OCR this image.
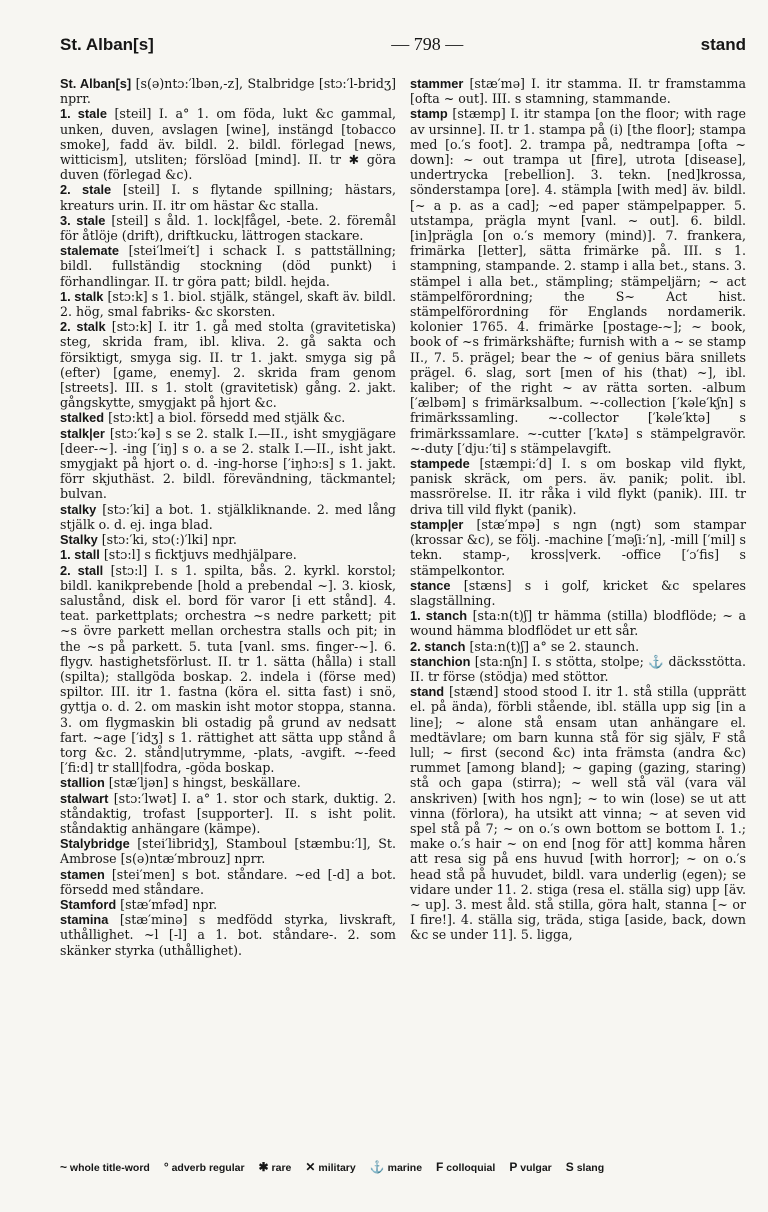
St. Alban[s]	— 798 —	stand

St. Alban[s] [s(ə)ntɔ:′lbən,-z], Stalbridge [stɔ:′l-bridʒ] nprr.

1. stale [steil] I. a° 1. om föda, lukt &c gammal, unken, duven, avslagen [wine], instängd [tobacco smoke], fadd äv. bildl. 2. bildl. förlegad [news, witticism], utsliten; förslöad [mind]. II. tr ✱ göra duven (förlegad &c).

2. stale [steil] I. s flytande spillning; hästars, kreaturs urin. II. itr om hästar &c stalla.

3. stale [steil] s åld. 1. lock|fågel, -bete. 2. föremål för åtlöje (drift), driftkucku, lättrogen stackare.

stalemate [stei′lmei′t] i schack I. s pattställning; bildl. fullständig stockning (död punkt) i förhandlingar. II. tr göra patt; bildl. hejda.

1. stalk [stɔ:k] s 1. biol. stjälk, stängel, skaft äv. bildl. 2. hög, smal fabriks- &c skorsten.

2. stalk [stɔ:k] I. itr 1. gå med stolta (gravitetiska) steg, skrida fram, ibl. kliva. 2. gå sakta och försiktigt, smyga sig. II. tr 1. jakt. smyga sig på (efter) [game, enemy]. 2. skrida fram genom [streets]. III. s 1. stolt (gravitetisk) gång. 2. jakt. gångskytte, smygjakt på hjort &c.

stalked [stɔ:kt] a biol. försedd med stjälk &c.

stalk|er [stɔ:′kə] s se 2. stalk I.—II., isht smygjägare [deer-~]. -ing [′iŋ] s o. a se 2. stalk I.—II., isht jakt. smygjakt på hjort o. d. -ing-horse [′iŋhɔ:s] s 1. jakt. förr skjuthäst. 2. bildl. förevändning, täckmantel; bulvan.

stalky [stɔ:′ki] a bot. 1. stjälkliknande. 2. med lång stjälk o. d. ej. inga blad.

Stalky [stɔ:′ki, stɔ(:)′lki] npr.

1. stall [stɔ:l] s ficktjuvs medhjälpare.

2. stall [stɔ:l] I. s 1. spilta, bås. 2. kyrkl. korstol; bildl. kanikprebende [hold a prebendal ~]. 3. kiosk, salustånd, disk el. bord för varor [i ett stånd]. 4. teat. parkettplats; orchestra ~s nedre parkett; pit ~s övre parkett mellan orchestra stalls och pit; in the ~s på parkett. 5. tuta [vanl. sms. finger-~]. 6. flygv. hastighetsförlust. II. tr 1. sätta (hålla) i stall (spilta); stallgöda boskap. 2. indela i (förse med) spiltor. III. itr 1. fastna (köra el. sitta fast) i snö, gyttja o. d. 2. om maskin isht motor stoppa, stanna. 3. om flygmaskin bli ostadig på grund av nedsatt fart. ~age [′idʒ] s 1. rättighet att sätta upp stånd å torg &c. 2. stånd|utrymme, -plats, -avgift. ~-feed [′fi:d] tr stall|fodra, -göda boskap.

stallion [stæ′ljən] s hingst, beskällare.

stalwart [stɔ:′lwət] I. a° 1. stor och stark, duktig. 2. ståndaktig, trofast [supporter]. II. s isht polit. ståndaktig anhängare (kämpe).

Stalybridge [stei′libridʒ], Stamboul [stæmbu:′l], St. Ambrose [s(ə)ntæ′mbrouz] nprr.

stamen [stei′men] s bot. ståndare. ~ed [-d] a bot. försedd med ståndare.

Stamford [stæ′mfəd] npr.

stamina [stæ′minə] s medfödd styrka, livskraft, uthållighet. ~l [-l] a 1. bot. ståndare-. 2. som skänker styrka (uthållighet).

stammer [stæ′mə] I. itr stamma. II. tr framstamma [ofta ~ out]. III. s stamning, stammande.

stamp [stæmp] I. itr stampa [on the floor; with rage av ursinne]. II. tr 1. stampa på (i) [the floor]; stampa med [o.′s foot]. 2. trampa på, nedtrampa [ofta ~ down]: ~ out trampa ut [fire], utrota [disease], undertrycka [rebellion]. 3. tekn. [ned]krossa, sönderstampa [ore]. 4. stämpla [with med] äv. bildl. [~ a p. as a cad]; ~ed paper stämpelpapper. 5. utstampa, prägla mynt [vanl. ~ out]. 6. bildl. [in]prägla [on o.′s memory (mind)]. 7. frankera, frimärka [letter], sätta frimärke på. III. s 1. stampning, stampande. 2. stamp i alla bet., stans. 3. stämpel i alla bet., stämpling; stämpeljärn; ~ act stämpelförordning; the S~ Act hist. stämpelförordning för Englands nordamerik. kolonier 1765. 4. frimärke [postage-~]; ~ book, book of ~s frimärkshäfte; furnish with a ~ se stamp II., 7. 5. prägel; bear the ~ of genius bära snillets prägel. 6. slag, sort [men of his (that) ~], ibl. kaliber; of the right ~ av rätta sorten. -album [′ælbəm] s frimärksalbum. ~-collection [′kəle′kʃn] s frimärkssamling. ~-collector [′kəle′ktə] s frimärkssamlare. ~-cutter [′kʌtə] s stämpelgravör. ~-duty [′dju:′ti] s stämpelavgift.

stampede [stæmpi:′d] I. s om boskap vild flykt, panisk skräck, om pers. äv. panik; polit. ibl. massrörelse. II. itr råka i vild flykt (panik). III. tr driva till vild flykt (panik).

stamp|er [stæ′mpə] s ngn (ngt) som stampar (krossar &c), se följ. -machine [′məʃi:′n], -mill [′mil] s tekn. stamp-, kross|verk. -office [′ɔ′fis] s stämpelkontor.

stance [stæns] s i golf, kricket &c spelares slagställning.

1. stanch [sta:n(t)ʃ] tr hämma (stilla) blodflöde; ~ a wound hämma blodflödet ur ett sår.

2. stanch [sta:n(t)ʃ] a° se 2. staunch.

stanchion [sta:nʃn] I. s stötta, stolpe; ⚓ däcksstötta. II. tr förse (stödja) med stöttor.

stand [stænd] stood stood I. itr 1. stå stilla (upprätt el. på ända), förbli stående, ibl. ställa upp sig [in a line]; ~ alone stå ensam utan anhängare el. medtävlare; om barn kunna stå för sig själv, F stå lull; ~ first (second &c) inta främsta (andra &c) rummet [among bland]; ~ gaping (gazing, staring) stå och gapa (stirra); ~ well stå väl (vara väl anskriven) [with hos ngn]; ~ to win (lose) se ut att vinna (förlora), ha utsikt att vinna; ~ at seven vid spel stå på 7; ~ on o.′s own bottom se bottom I. 1.; make o.′s hair ~ on end [nog för att] komma håren att resa sig på ens huvud [with horror]; ~ on o.′s head stå på huvudet, bildl. vara underlig (egen); se vidare under 11. 2. stiga (resa el. ställa sig) upp [äv. ~ up]. 3. mest åld. stå stilla, göra halt, stanna [~ or I fire!]. 4. ställa sig, träda, stiga [aside, back, down &c se under 11]. 5. ligga,

~ whole title-word ° adverb regular ✱ rare ✕ military ⚓ marine F colloquial P vulgar S slang
